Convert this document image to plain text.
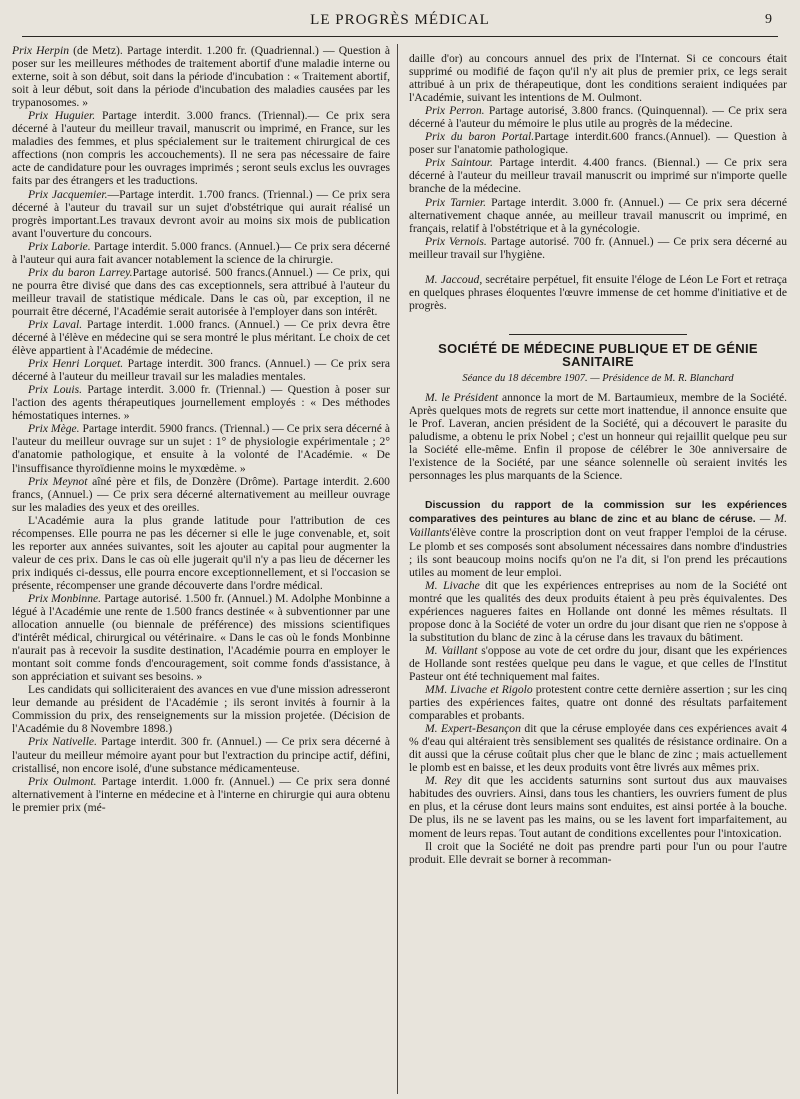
LE PROGRÈS MÉDICAL	9

Prix Herpin (de Metz). Partage interdit. 1.200 fr. (Quadriennal.) — Question à poser sur les meilleures méthodes de traitement abortif d'une maladie interne ou externe, soit à son début, soit dans la période d'incubation : « Traitement abortif, soit à leur début, soit dans la période d'incubation des maladies causées par les trypanosomes. »

Prix Huguier. Partage interdit. 3.000 francs. (Triennal).— Ce prix sera décerné à l'auteur du meilleur travail, manuscrit ou imprimé, en France, sur les maladies des femmes, et plus spécialement sur le traitement chirurgical de ces affections (non compris les accouchements). Il ne sera pas nécessaire de faire acte de candidature pour les ouvrages imprimés ; seront seuls exclus les ouvrages faits par des étrangers et les traductions.

Prix Jacquemier.—Partage interdit. 1.700 francs. (Triennal.) — Ce prix sera décerné à l'auteur du travail sur un sujet d'obstétrique qui aurait réalisé un progrès important.Les travaux devront avoir au moins six mois de publication avant l'ouverture du concours.

Prix Laborie. Partage interdit. 5.000 francs. (Annuel.)— Ce prix sera décerné à l'auteur qui aura fait avancer notablement la science de la chirurgie.

Prix du baron Larrey.Partage autorisé. 500 francs.(Annuel.) — Ce prix, qui ne pourra être divisé que dans des cas exceptionnels, sera attribué à l'auteur du meilleur travail de statistique médicale. Dans le cas où, par exception, il ne pourrait être décerné, l'Académie serait autorisée à l'employer dans son intérêt.

Prix Laval. Partage interdit. 1.000 francs. (Annuel.) — Ce prix devra être décerné à l'élève en médecine qui se sera montré le plus méritant. Le choix de cet élève appartient à l'Académie de médecine.

Prix Henri Lorquet. Partage interdit. 300 francs. (Annuel.) — Ce prix sera décerné à l'auteur du meilleur travail sur les maladies mentales.

Prix Louis. Partage interdit. 3.000 fr. (Triennal.) — Question à poser sur l'action des agents thérapeutiques journellement employés : « Des méthodes hémostatiques internes. »

Prix Mège. Partage interdit. 5900 francs. (Triennal.) — Ce prix sera décerné à l'auteur du meilleur ouvrage sur un sujet : 1° de physiologie expérimentale ; 2° d'anatomie pathologique, et ensuite à la volonté de l'Académie. « De l'insuffisance thyroïdienne moins le myxœdème. »

Prix Meynot aîné père et fils, de Donzère (Drôme). Partage interdit. 2.600 francs, (Annuel.) — Ce prix sera décerné alternativement au meilleur ouvrage sur les maladies des yeux et des oreilles.

L'Académie aura la plus grande latitude pour l'attribution de ces récompenses. Elle pourra ne pas les décerner si elle le juge convenable, et, soit les reporter aux années suivantes, soit les ajouter au capital pour augmenter la valeur de ces prix. Dans le cas où elle jugerait qu'il n'y a pas lieu de décerner les prix indiqués ci-dessus, elle pourra encore exceptionnellement, et si l'occasion se présente, récompenser une grande découverte dans l'ordre médical.

Prix Monbinne. Partage autorisé. 1.500 fr. (Annuel.) M. Adolphe Monbinne a légué à l'Académie une rente de 1.500 francs destinée « à subventionner par une allocation annuelle (ou biennale de préférence) des missions scientifiques d'intérêt médical, chirurgical ou vétérinaire. « Dans le cas où le fonds Monbinne n'aurait pas à recevoir la susdite destination, l'Académie pourra en employer le montant soit comme fonds d'encouragement, soit comme fonds d'assistance, à son appréciation et suivant ses besoins. »

Les candidats qui solliciteraient des avances en vue d'une mission adresseront leur demande au président de l'Académie ; ils seront invités à fournir à la Commission du prix, des renseignements sur la mission projetée. (Décision de l'Académie du 8 Novembre 1898.)

Prix Nativelle. Partage interdit. 300 fr. (Annuel.) — Ce prix sera décerné à l'auteur du meilleur mémoire ayant pour but l'extraction du principe actif, défini, cristallisé, non encore isolé, d'une substance médicamenteuse.

Prix Oulmont. Partage interdit. 1.000 fr. (Annuel.) — Ce prix sera donné alternativement à l'interne en médecine et à l'interne en chirurgie qui aura obtenu le premier prix (mé-

daille d'or) au concours annuel des prix de l'Internat. Si ce concours était supprimé ou modifié de façon qu'il n'y ait plus de premier prix, ce legs serait attribué à un prix de thérapeutique, dont les conditions seraient indiquées par l'Académie, suivant les intentions de M. Oulmont.

Prix Perron. Partage autorisé, 3.800 francs. (Quinquennal). — Ce prix sera décerné à l'auteur du mémoire le plus utile au progrès de la médecine.

Prix du baron Portal.Partage interdit.600 francs.(Annuel). — Question à poser sur l'anatomie pathologique.

Prix Saintour. Partage interdit. 4.400 francs. (Biennal.) — Ce prix sera décerné à l'auteur du meilleur travail manuscrit ou imprimé sur n'importe quelle branche de la médecine.

Prix Tarnier. Partage interdit. 3.000 fr. (Annuel.) — Ce prix sera décerné alternativement chaque année, au meilleur travail manuscrit ou imprimé, en français, relatif à l'obstétrique et à la gynécologie.

Prix Vernois. Partage autorisé. 700 fr. (Annuel.) — Ce prix sera décerné au meilleur travail sur l'hygiène.

M. Jaccoud, secrétaire perpétuel, fit ensuite l'éloge de Léon Le Fort et retraça en quelques phrases éloquentes l'œuvre immense de cet homme d'initiative et de progrès.

SOCIÉTÉ DE MÉDECINE PUBLIQUE ET DE GÉNIE SANITAIRE
Séance du 18 décembre 1907. — Présidence de M. R. Blanchard

M. le Président annonce la mort de M. Bartaumieux, membre de la Société. Après quelques mots de regrets sur cette mort inattendue, il annonce ensuite que le Prof. Laveran, ancien président de la Société, qui a découvert le parasite du paludisme, a obtenu le prix Nobel ; c'est un honneur qui rejaillit quelque peu sur la Société elle-même. Enfin il propose de célébrer le 30e anniversaire de l'existence de la Société, par une séance solennelle où seraient invités les personnages les plus marquants de la Science.

Discussion du rapport de la commission sur les expériences comparatives des peintures au blanc de zinc et au blanc de céruse. — M. Vaillants'élève contre la proscription dont on veut frapper l'emploi de la céruse. Le plomb et ses composés sont absolument nécessaires dans nombre d'industries ; ils sont beaucoup moins nocifs qu'on ne l'a dit, si l'on prend les précautions utiles au moment de leur emploi.

M. Livache dit que les expériences entreprises au nom de la Société ont montré que les qualités des deux produits étaient à peu près équivalentes. Des expériences nagueres faites en Hollande ont donné les mêmes résultats. Il propose donc à la Société de voter un ordre du jour disant que rien ne s'oppose à la substitution du blanc de zinc à la céruse dans les travaux du bâtiment.

M. Vaillant s'oppose au vote de cet ordre du jour, disant que les expériences de Hollande sont restées quelque peu dans le vague, et que celles de l'Institut Pasteur ont été techniquement mal faites.

MM. Livache et Rigolo protestent contre cette dernière assertion ; sur les cinq parties des expériences faites, quatre ont donné des résultats parfaitement comparables et probants.

M. Expert-Besançon dit que la céruse employée dans ces expériences avait 4 % d'eau qui altéraient très sensiblement ses qualités de résistance ordinaire. On a dit aussi que la céruse coûtait plus cher que le blanc de zinc ; mais actuellement le plomb est en baisse, et les deux produits vont être livrés aux mêmes prix.

M. Rey dit que les accidents saturnins sont surtout dus aux mauvaises habitudes des ouvriers. Ainsi, dans tous les chantiers, les ouvriers fument de plus en plus, et la céruse dont leurs mains sont enduites, est ainsi portée à la bouche. De plus, ils ne se lavent pas les mains, ou se les lavent fort imparfaitement, au moment de leurs repas. Tout autant de conditions excellentes pour l'intoxication.

Il croit que la Société ne doit pas prendre parti pour l'un ou pour l'autre produit. Elle devrait se borner à recomman-
